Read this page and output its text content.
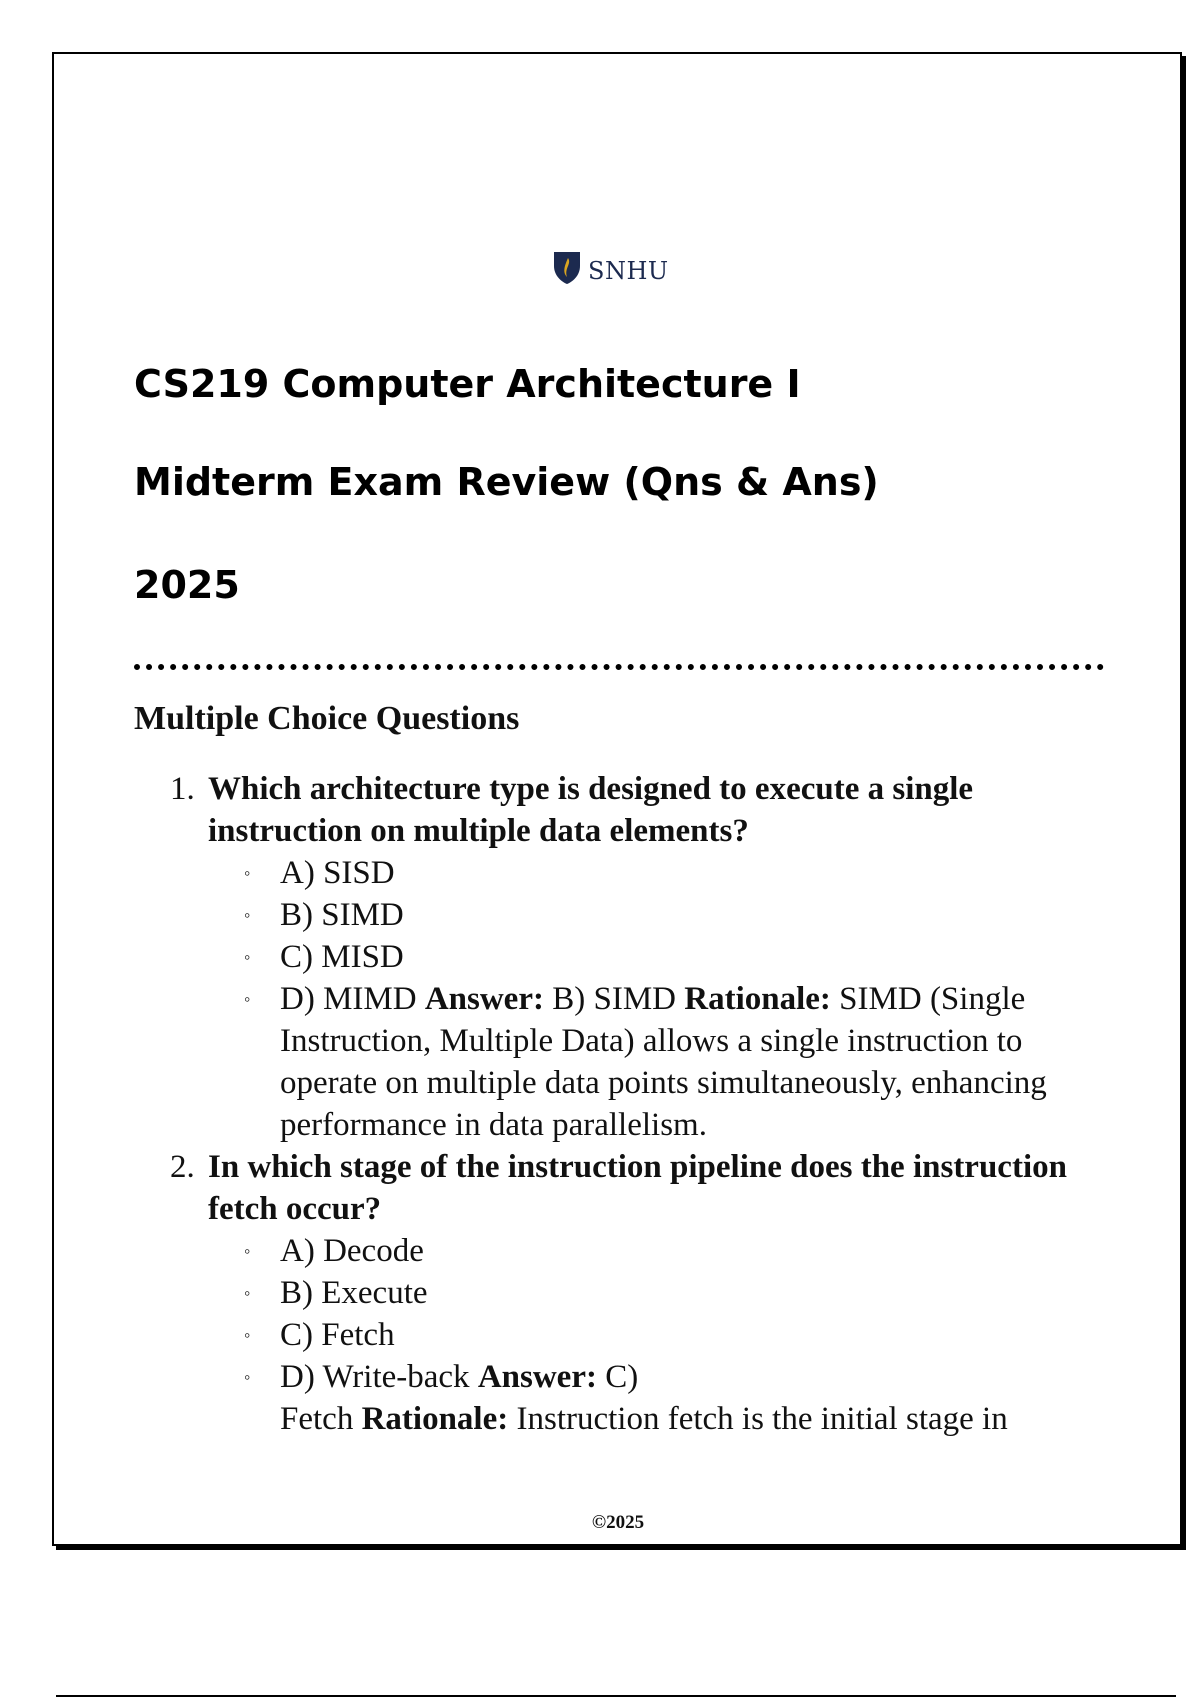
SNHU
CS219 Computer Architecture I
Midterm Exam Review (Qns & Ans)
2025
Multiple Choice Questions
1. Which architecture type is designed to execute a single instruction on multiple data elements?
◦
A) SISD
◦
B) SIMD
◦
C) MISD
◦
D) MIMD Answer: B) SIMD Rationale: SIMD (Single Instruction, Multiple Data) allows a single instruction to operate on multiple data points simultaneously, enhancing performance in data parallelism.
2. In which stage of the instruction pipeline does the instruction fetch occur?
◦
A) Decode
◦
B) Execute
◦
C) Fetch
◦
D) Write-back Answer: C)
Fetch Rationale: Instruction fetch is the initial stage in
©2025
